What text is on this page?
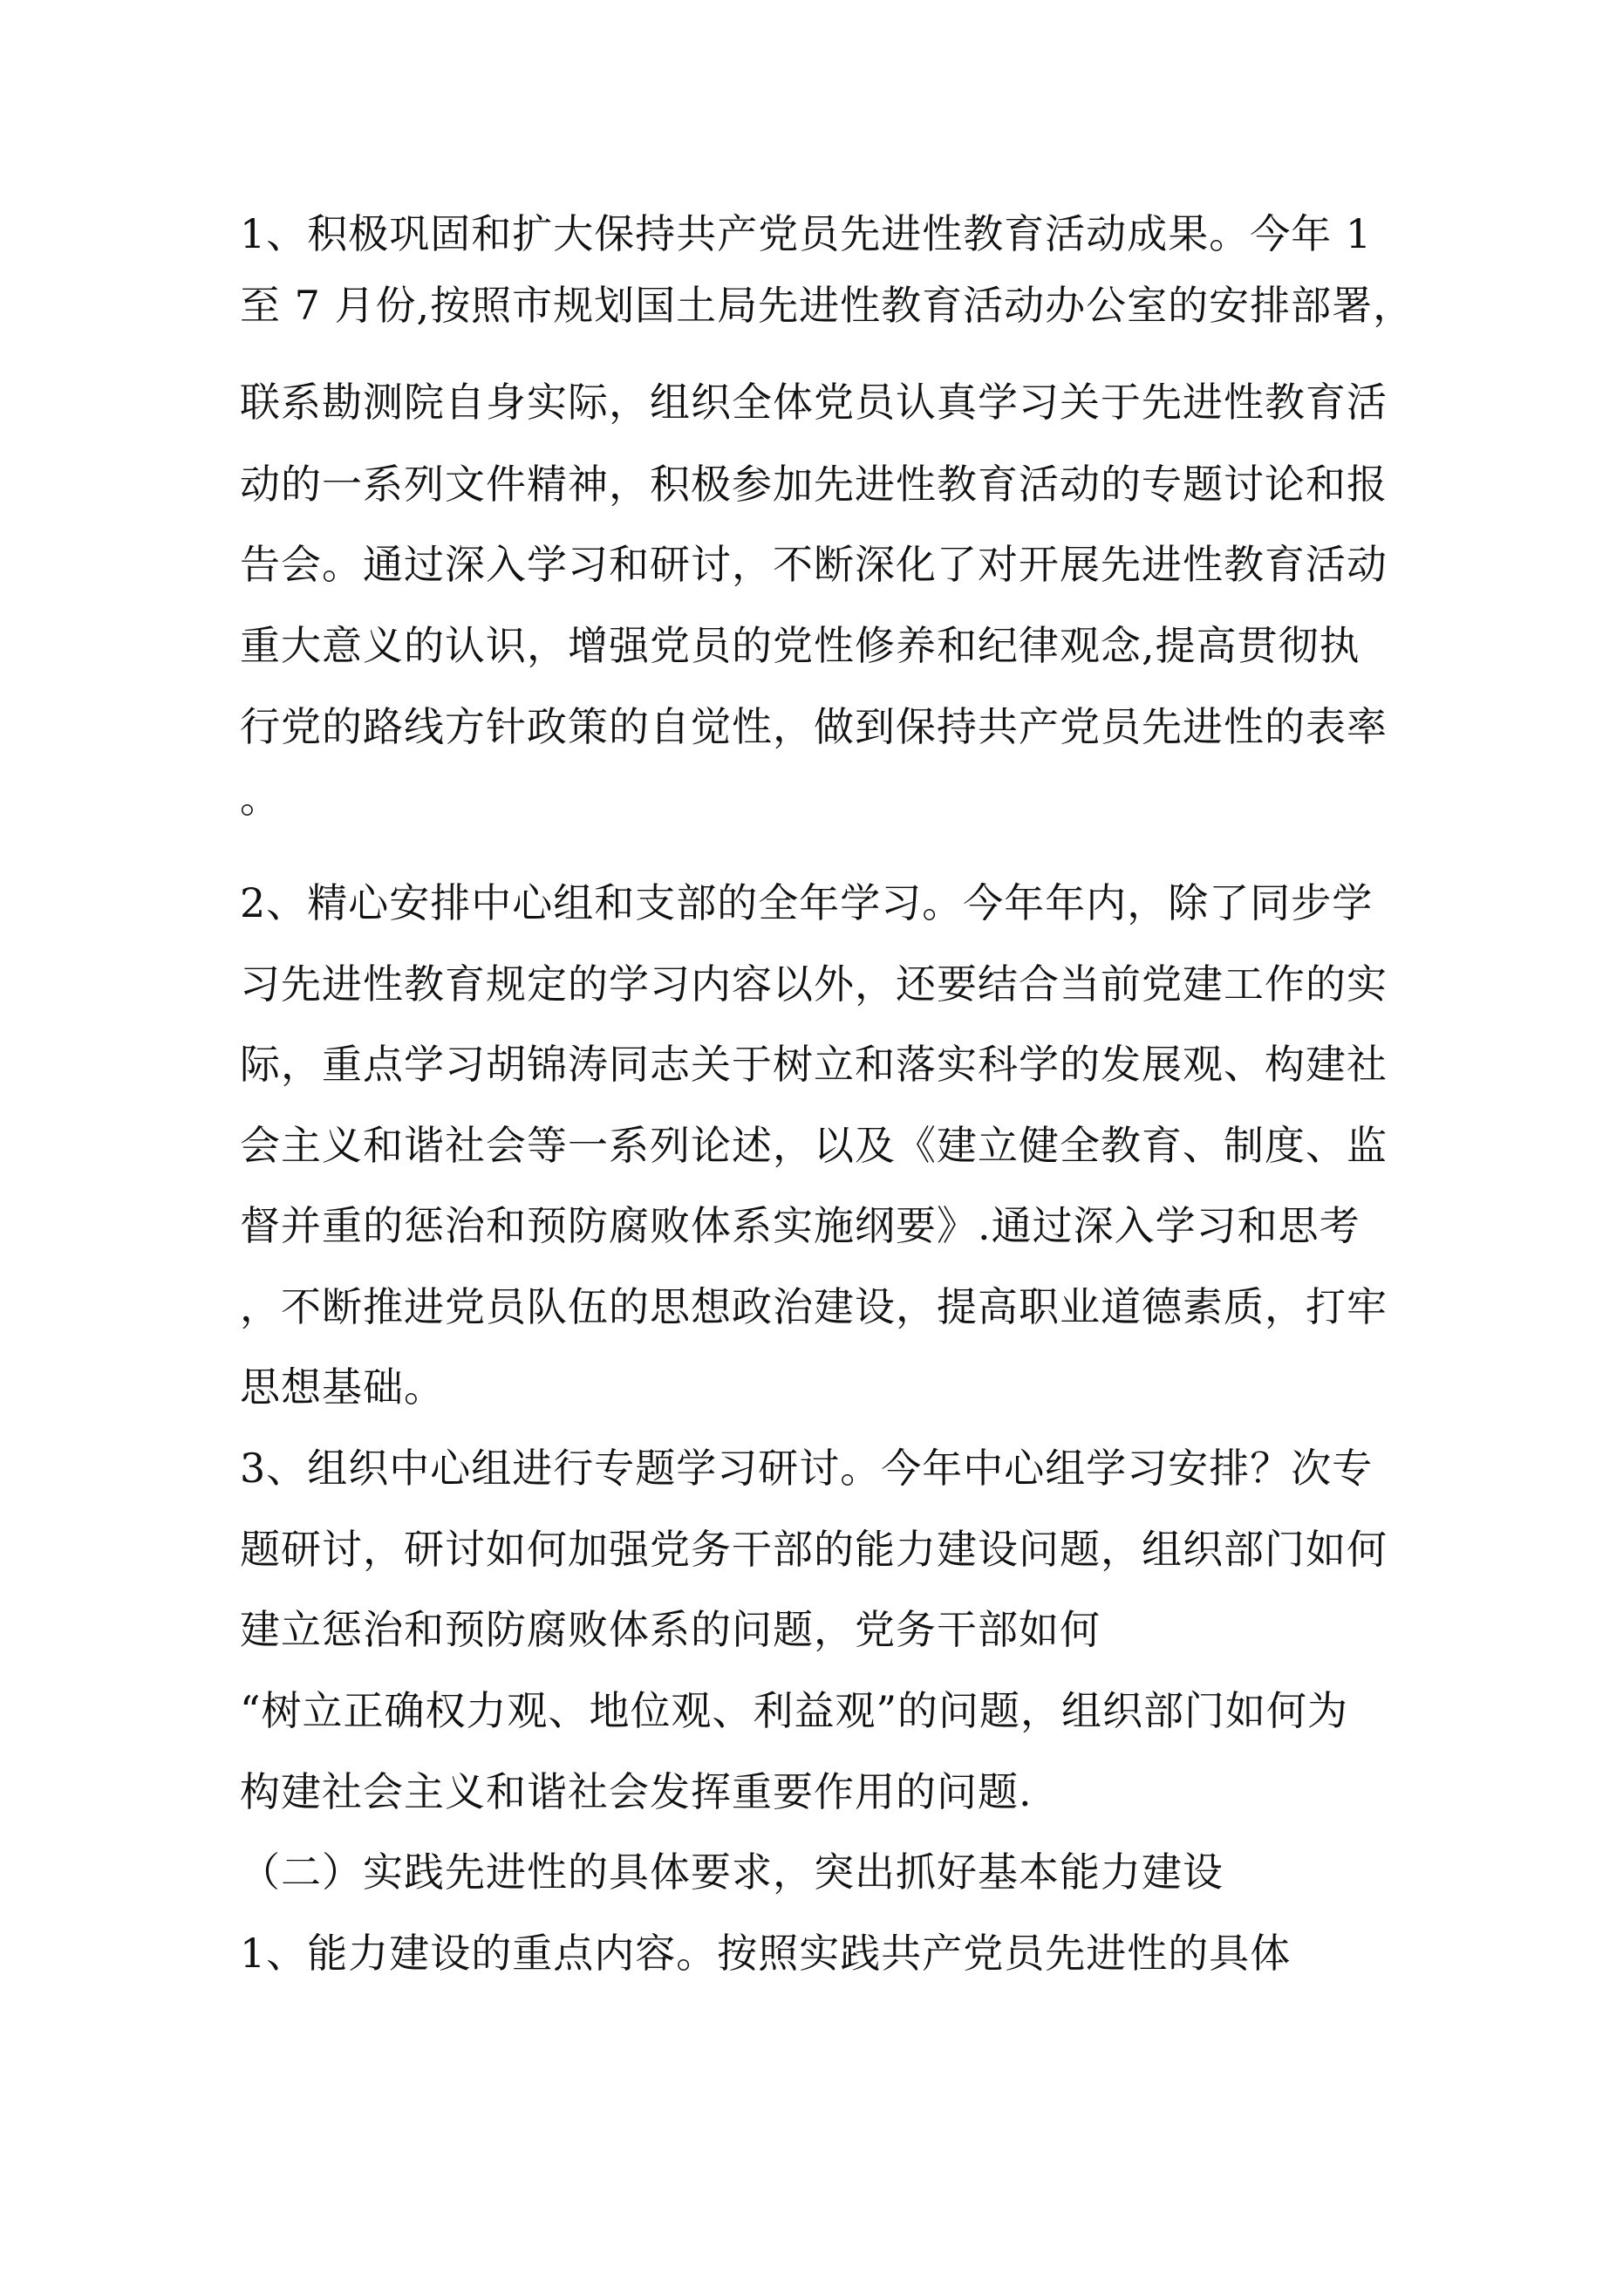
1、积极巩固和扩大保持共产党员先进性教育活动成果。今年 1
至 7 月份,按照市规划国土局先进性教育活动办公室的安排部署，
联系勘测院自身实际，组织全体党员认真学习关于先进性教育活
动的一系列文件精神，积极参加先进性教育活动的专题讨论和报
告会。通过深入学习和研讨，不断深化了对开展先进性教育活动
重大意义的认识，增强党员的党性修养和纪律观念,提高贯彻执
行党的路线方针政策的自觉性，做到保持共产党员先进性的表率
。
2、精心安排中心组和支部的全年学习。今年年内，除了同步学
习先进性教育规定的学习内容以外，还要结合当前党建工作的实
际，重点学习胡锦涛同志关于树立和落实科学的发展观、构建社
会主义和谐社会等一系列论述，以及《建立健全教育、制度、监
督并重的惩治和预防腐败体系实施纲要》.通过深入学习和思考
，不断推进党员队伍的思想政治建设，提高职业道德素质，打牢
思想基础。
3、组织中心组进行专题学习研讨。今年中心组学习安排？次专
题研讨，研讨如何加强党务干部的能力建设问题，组织部门如何
建立惩治和预防腐败体系的问题，党务干部如何
“树立正确权力观、地位观、利益观”的问题，组织部门如何为
构建社会主义和谐社会发挥重要作用的问题.
（二）实践先进性的具体要求，突出抓好基本能力建设
1、能力建设的重点内容。按照实践共产党员先进性的具体
